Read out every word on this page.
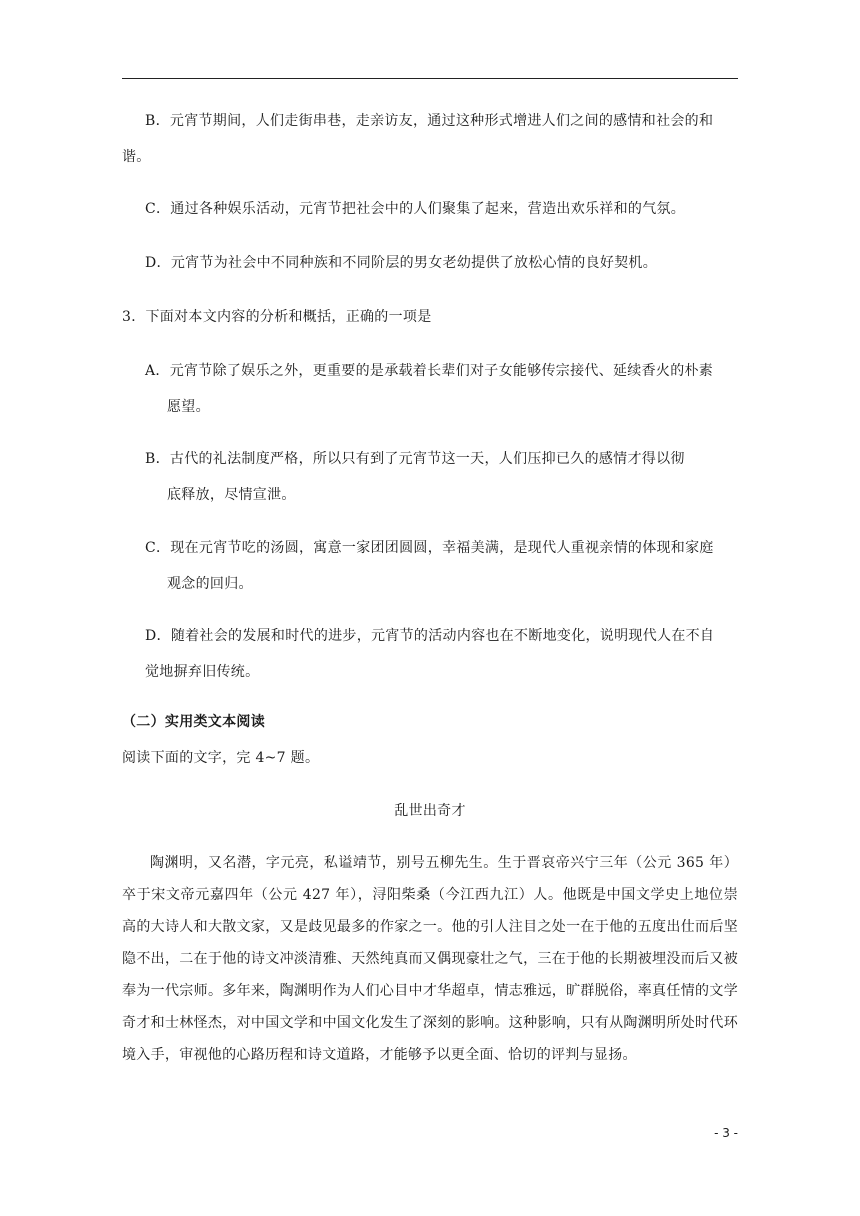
B．元宵节期间，人们走街串巷，走亲访友，通过这种形式增进人们之间的感情和社会的和谐。
C．通过各种娱乐活动，元宵节把社会中的人们聚集了起来，营造出欢乐祥和的气氛。
D．元宵节为社会中不同种族和不同阶层的男女老幼提供了放松心情的良好契机。
3．下面对本文内容的分析和概括，正确的一项是
A．元宵节除了娱乐之外，更重要的是承载着长辈们对子女能够传宗接代、延续香火的朴素
愿望。
B．古代的礼法制度严格，所以只有到了元宵节这一天，人们压抑已久的感情才得以彻
底释放，尽情宣泄。
C．现在元宵节吃的汤圆，寓意一家团团圆圆，幸福美满，是现代人重视亲情的体现和家庭
观念的回归。
D．随着社会的发展和时代的进步，元宵节的活动内容也在不断地变化，说明现代人在不自
觉地摒弃旧传统。
（二）实用类文本阅读
阅读下面的文字，完 4~7 题。
乱世出奇才
陶渊明，又名潜，字元亮，私谥靖节，别号五柳先生。生于晋哀帝兴宁三年（公元 365 年）卒于宋文帝元嘉四年（公元 427 年），浔阳柴桑（今江西九江）人。他既是中国文学史上地位崇高的大诗人和大散文家，又是歧见最多的作家之一。他的引人注目之处一在于他的五度出仕而后坚隐不出，二在于他的诗文冲淡清雅、天然纯真而又偶现豪壮之气，三在于他的长期被埋没而后又被奉为一代宗师。多年来，陶渊明作为人们心目中才华超卓，情志雅远，旷群脱俗，率真任情的文学奇才和士林怪杰，对中国文学和中国文化发生了深刻的影响。这种影响，只有从陶渊明所处时代环境入手，审视他的心路历程和诗文道路，才能够予以更全面、恰切的评判与显扬。
- 3 -
